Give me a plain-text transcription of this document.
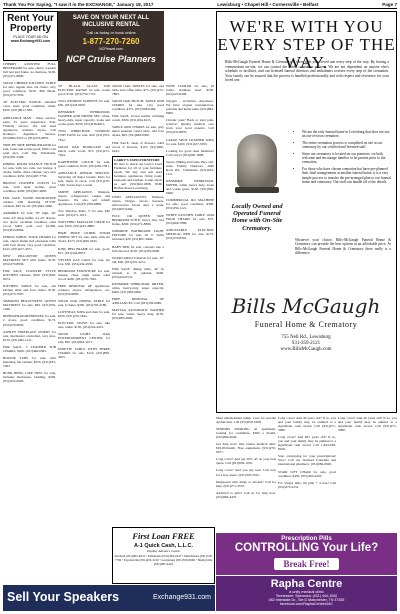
Thank You For Saying, "I saw it in the EXCHANGE," January 18, 2017	Lewisburg • Chapel Hill • Cornersville • Belfast	Page 7
Rent Your Property
PLACE YOUR AD ON
www.Exchange931.com
CHERRY 4-POSTER FULL BED/FRAME for sale, cherry 4-poster full bed and frame, no mattress, $100. (931)271-8890.
SOLID CHERRY KITCHEN TABLE for sale, regular size, six chairs, very good condition, $150. Bill Beale. (931)270-7950.
36" ELECTRIC RANGE, standard oven, used, good condition, white, $250. (931)861-1586.
APPLIANCE MAN - Sales, service, parts. 25 years experience. Fast, Friendly service. We sell used appliances, washers, dryers. Call Rodney's Appliance Service, (931)684-5016 or (931)233-8870.
SIDE BY SIDE REFRIGERATOR for sale, looks and works good, $300. Can send pics. Call Jim, Tullahoma. (931)581-3396.
DINING ROOM WALNUT HUTCH for sale, with two rails, two knives, 4 chairs, buffet, china cabinet, very nice condition, $450. (931)487-7750.
BROWN LEATHER COUCH for sale, both ends recline, great condition, $200. (931)967-4863.
FOR SALE, WOOD MICROWAVE cabinet with matching 18"x58" cabinets, $45 for all. (931)842-5066.
ARMOIRE for sale, 78" high, 40" wide, 24" deep, buffet, 4 x 24" drawer, two doors, excellent condition, solid wood, $400, paid over $1,600. (931)653-8994.
DINING TABLE, TOP & CHAIRS for sale, cherry finish leaf extension table with four chairs, very good condition, $125. (931)617-4371.
NEW PILLOWTOP QUEEN MATTRESS SET with frame, $150. (931)279-8836.
FOR SALE, COUNTRY STYLE KITCHEN cabinets, $100. (931)639-8474.
KITCHEN TABLE for sale, oak kitchen table and four chairs, $150. (931)270-7907.
SIMMONS BEAUTYREST QUEEN MATTRESS for sale, $65. (931)359-1946.
REFRIGERATOR/FREEZER for sale, 2 doors, good condition, $175. (931)270-6830.
ASHLEY FIREPLACE INSERT for sale, thermostat controlled, very nice, $150. (931)492-1211.
FOR SALE, 3 LEATHER TUB CHAIRS, $200. (931)446-6565.
BOLTOP TUBS for sale, with matching file cabinet, $250. (931)433-1903.
BUNK BEDS, LIKE NEW, for sale, includes mattresses, bedding, $200. (931)252-0905.
SAVE ON YOUR NEXT ALL INCLUSIVE RENTAL
Call us today or book online
1-877-270-7260
NCPtravel.com
NCP Cruise Planners
30" BLACK GLASS TOP ELECTRIC RANGE for sale, works good, $150. (931)759-7731.
TWO WINDOW SCREENS for sale, $30. (931)433-0925.
KENMORE WHIRLPOOL WASHER AND DRYER SET, white, heavy-duty, super capacity, looks and works great, $250. (931)638-6611.
TWO WHIRLPOOL WINDOW UNIT FANS for sale, $20. (931)703-7812.
SOLID OAK BOOKCASE and hutch, solid wood, $75. (931)271-7044.
EARTHTONE COUCH for sale, great condition, $150. (931)239-1581.
APPLIANCE REPAIR SERVICE. Servicing all major brands. Parts for sale, many in stock. Call (931)270-1346. Seven days a week.
SMITH APPLIANCE. Washers, dryers, refrigerators, ranges and freezers. We also sell rebuilt appliances. Call (931)359-6868.
Two Window Rolls, 5' for sale, $40 each. (931)271-1811.
WATCHING MASSAGE CHAIR for sale, $100. (931)433-4880.
HIGH PRICE OLDER WOOD DINING SET for sale, table with six chairs, $175. (931)490-3443.
KING BED FRAME for sale, good, $15. (931)434-8873.
VESTED GAS LOGS for sale, six foot, $50. (931)434-4930.
BEDROOM FURNITURE for sale, dresser, chest, night stand, solid wood, $200. (931)270-7942.
FREE REMOVAL OF appliances, washers, dryers, refrigerators, etc. (931)359-6893.
SOLID OAK DINING TABLE for sale, 6 chairs, $300. (931)703-2180.
LOVESEAT, SOFA and chair for sale, $250. (931)270-5842.
ELECTRIC STOVE for sale, like new, white, $150. (931)224-4431.
SOLID LIGHT OAK ENTERTAINMENT CENTER for sale, $95. (931)842-1071.
DINETTE TABLE WITH THREE CHAIRS for sale, $125. (931)839-4455.
SOLID OAK TABLES for sale, end table and coffee table, $75. (931)272-7863.
SOLID OAK HUTCH, TABLE AND CHAIRS for sale, very good condition, $375. (931)308-0466.
FOR SALE, brown leather reclining couch, $300. (931)294-6113.
TABLE AND CHAIRS for sale, grey metal pedestal round table, and four chairs, $65. (931)684-0500.
FOR SALE, chest of drawers, solid wood, 9 drawers, $125. (931)966-6443.
LARRY'S USED FURNITURE
Be sure to check out Larry's Used Furniture for all of your furniture needs. We buy and sell used furniture, appliances, living room, bedroom and kitchen. Come check us out! (931)962-1808. 8160 Belfast Road, Lewisburg
USED APPLIANCES, Washers, dryers, fridges, stoves, freezers, microwaves. Seven days a week. (931)607-6464.
FULL OR QUEEN SIZE BEDROOM SUITE, heavy duty bed frame, $200. (931)271-8890.
OSBORNE BATHROOM LIGHT FIXTURE for sale, all 3" bulbs included, $20. (931)607-6464.
BABY BED for sale, converts into a full size bed, $150. (931)476-0606.
WOOD GRILLS RACK for sale, 10" tall, $20. (931)301-4251.
FOR SALE, dining table, 42" in extends to 9', painted, $200. (931)224-0531.
KENMORE WHIRLPOOL DRYER, white, heavy-duty, super capacity, $200. (931)308-0466.
FREE REMOVAL OF APPLIANCES. Call (931)359-0086.
MAYTAG AUTOMATIC WASHER for sale, white, heavy duty, $150. (931)685-4990.
WINE COOLER for sale, 18 bottle, stainless steel, $100. (931)225-0400.
Oxygen - Activities, Anywhere. We have oxygen concentrators, portable and home units. (931)684-6900.
Chronic pain? Back or joint pain, sciatica? Quality medical care from your local experts. Call (931)233-8870.
LARGE SPLIT LEATHER SOFA for sale, $200. (931)227-3393.
Looking for good used furniture? Call Larry's (931)962-1808.
Sports, Hiking and Guns. Buy, sell, trade. Family Outdoors, 1040 Rock Rd., Tullahoma. (931)434-1111.
KENMORE WHIRLPOOL DRYER, white, heavy duty, looks and works great, $150. (931)308-0466.
COMMERCIAL RO MACHINE for sale, good condition, $300. (931)359-1121.
WHITE KITCHEN TABLE AND FOUR CHAIRS for sale, $75. (931)609-7880.
ADJUSTABLE ELECTRIC MEDICAL BED for sale, $175. (931)270-8301.
WE'RE WITH YOU EVERY STEP OF THE WAY.
Bills-McGaugh Funeral Home & Crematory is there with your loved one every step of the way. By having a crematorium on-site, we can control the entire cremation process. We are not dependent on anyone else's schedule or facilities, and our licensed funeral directors and embalmers oversee every step of the cremation. Your family can be assured that the process is handled professionally and with respect and reverence for your loved one.
Locally Owned and Operated Funeral Home with On-Site Crematory.
• We are the only funeral home in Lewisburg that does not use an out-of-town crematory.
• The entire cremation process is completed on site at our crematory by our certified and licensed staff.
• Since our crematory is located on our premises, we both welcome and encourage families to be present prior to the cremation.
• For those who have chosen cremation but have pre-planned their final arrangements at another funeral home, it is a very simple process to transfer the pre-arranged plan to our funeral home and crematory. Our staff can handle all of the details.
Whatever your choice, Bills-McGaugh Funeral Home & Crematory can provide the best options at an affordable price. At Bills-McGaugh Funeral Home & Crematory there really is a difference.
Bills McGaugh
Funeral Home & Crematory
755 Nell Rd., Lewisburg
931-359-2121
www.BillsMcGaugh.com
Male enhancement pump. Cure for erectile dysfunction. Call (931)650-3308.
SENIORS SHARING an apartment, looking for roommate, $300 a month. (931)684-4040.
Get help now! One button medical alert. $19.95/month. Free equipment. (931)270-9977.
Long cover? And get 50% off on your best quote. Call (931)639-1109.
Long cover? And you pay less! Call now for a free quote. (931)359-3322.
Diagnosed with drugs or alcohol? Call for help. (931)271-3370.
Addicted to pills? Call us for help now. (931)684-4437.
Long cover? And 40 years old? If so, you and your family may be entitled to a significant cash award. Call (931)271-5080.
Long cover? And 60+ years old? If so, you and your family may be entitled to a significant cash award. Call 1-844-438-8918.
Stop overpaying for your prescriptions! Save! Call our licensed Canadian and international pharmacy. (931)684-6920.
STAIR LIFT CHAIR for sale, good condition, $450. (931)260-4450.
For Viagra pills, 60 pills + 4 free! Call (931)270-2231.
Long cover? And 40 years old? If so, you and your family may be entitled to a significant cash award. Call (931)271-5080.
First Loan FREE
A-1 Quick Cash, L.L.C.
Payday Advance Loans
Dechard (931)962-4031 • Tullahoma (931)393-2447 • Manchester (931)728-7784 • Fayetteville (931)433-3210 • Lewisburg (931)359-9960 • Shelbyville (931)685-4443
Sell Your Speakers	Exchange931.com
Prescription Pills
CONTROLLING Your Life?
Break Free!
Rapha Centre
a unity medical clinic
Tennessee: Speranza: (931) 444-1000
482 Interstate Dr., Ste D Manchester, TN 37355
facebook.com/RaphaCentreUMC
